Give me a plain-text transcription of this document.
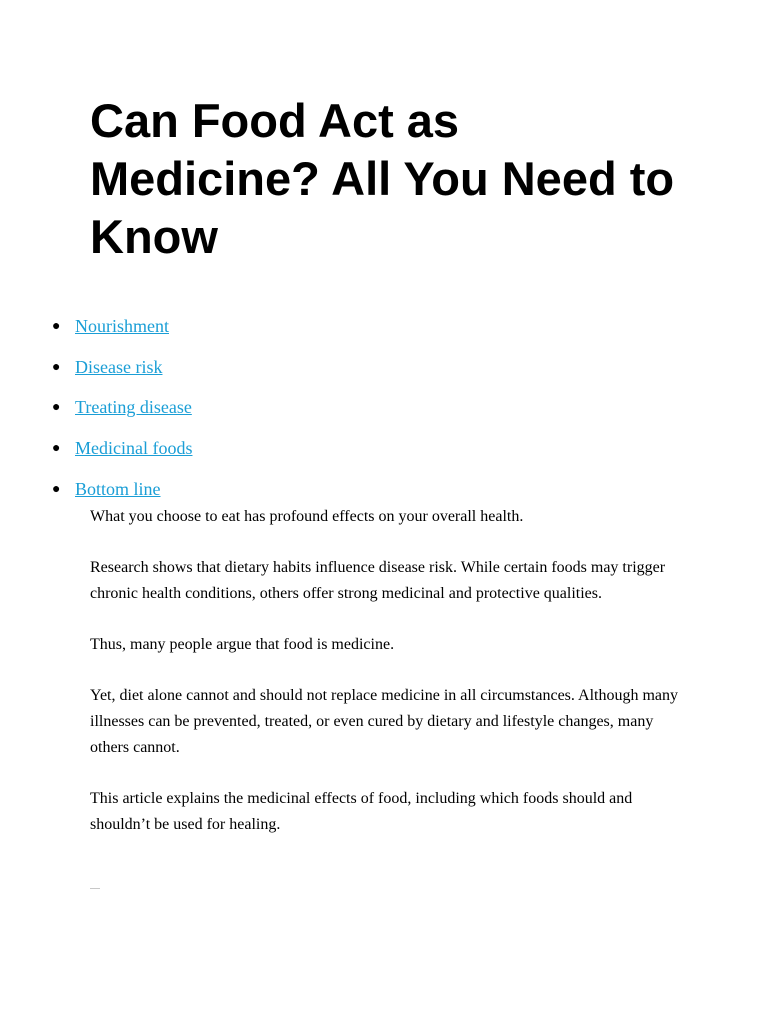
Can Food Act as Medicine? All You Need to Know
● Nourishment
● Disease risk
● Treating disease
● Medicinal foods
● Bottom line

What you choose to eat has profound effects on your overall health.

Research shows that dietary habits influence disease risk. While certain foods may trigger chronic health conditions, others offer strong medicinal and protective qualities.

Thus, many people argue that food is medicine.

Yet, diet alone cannot and should not replace medicine in all circumstances. Although many illnesses can be prevented, treated, or even cured by dietary and lifestyle changes, many others cannot.

This article explains the medicinal effects of food, including which foods should and shouldn’t be used for healing.
